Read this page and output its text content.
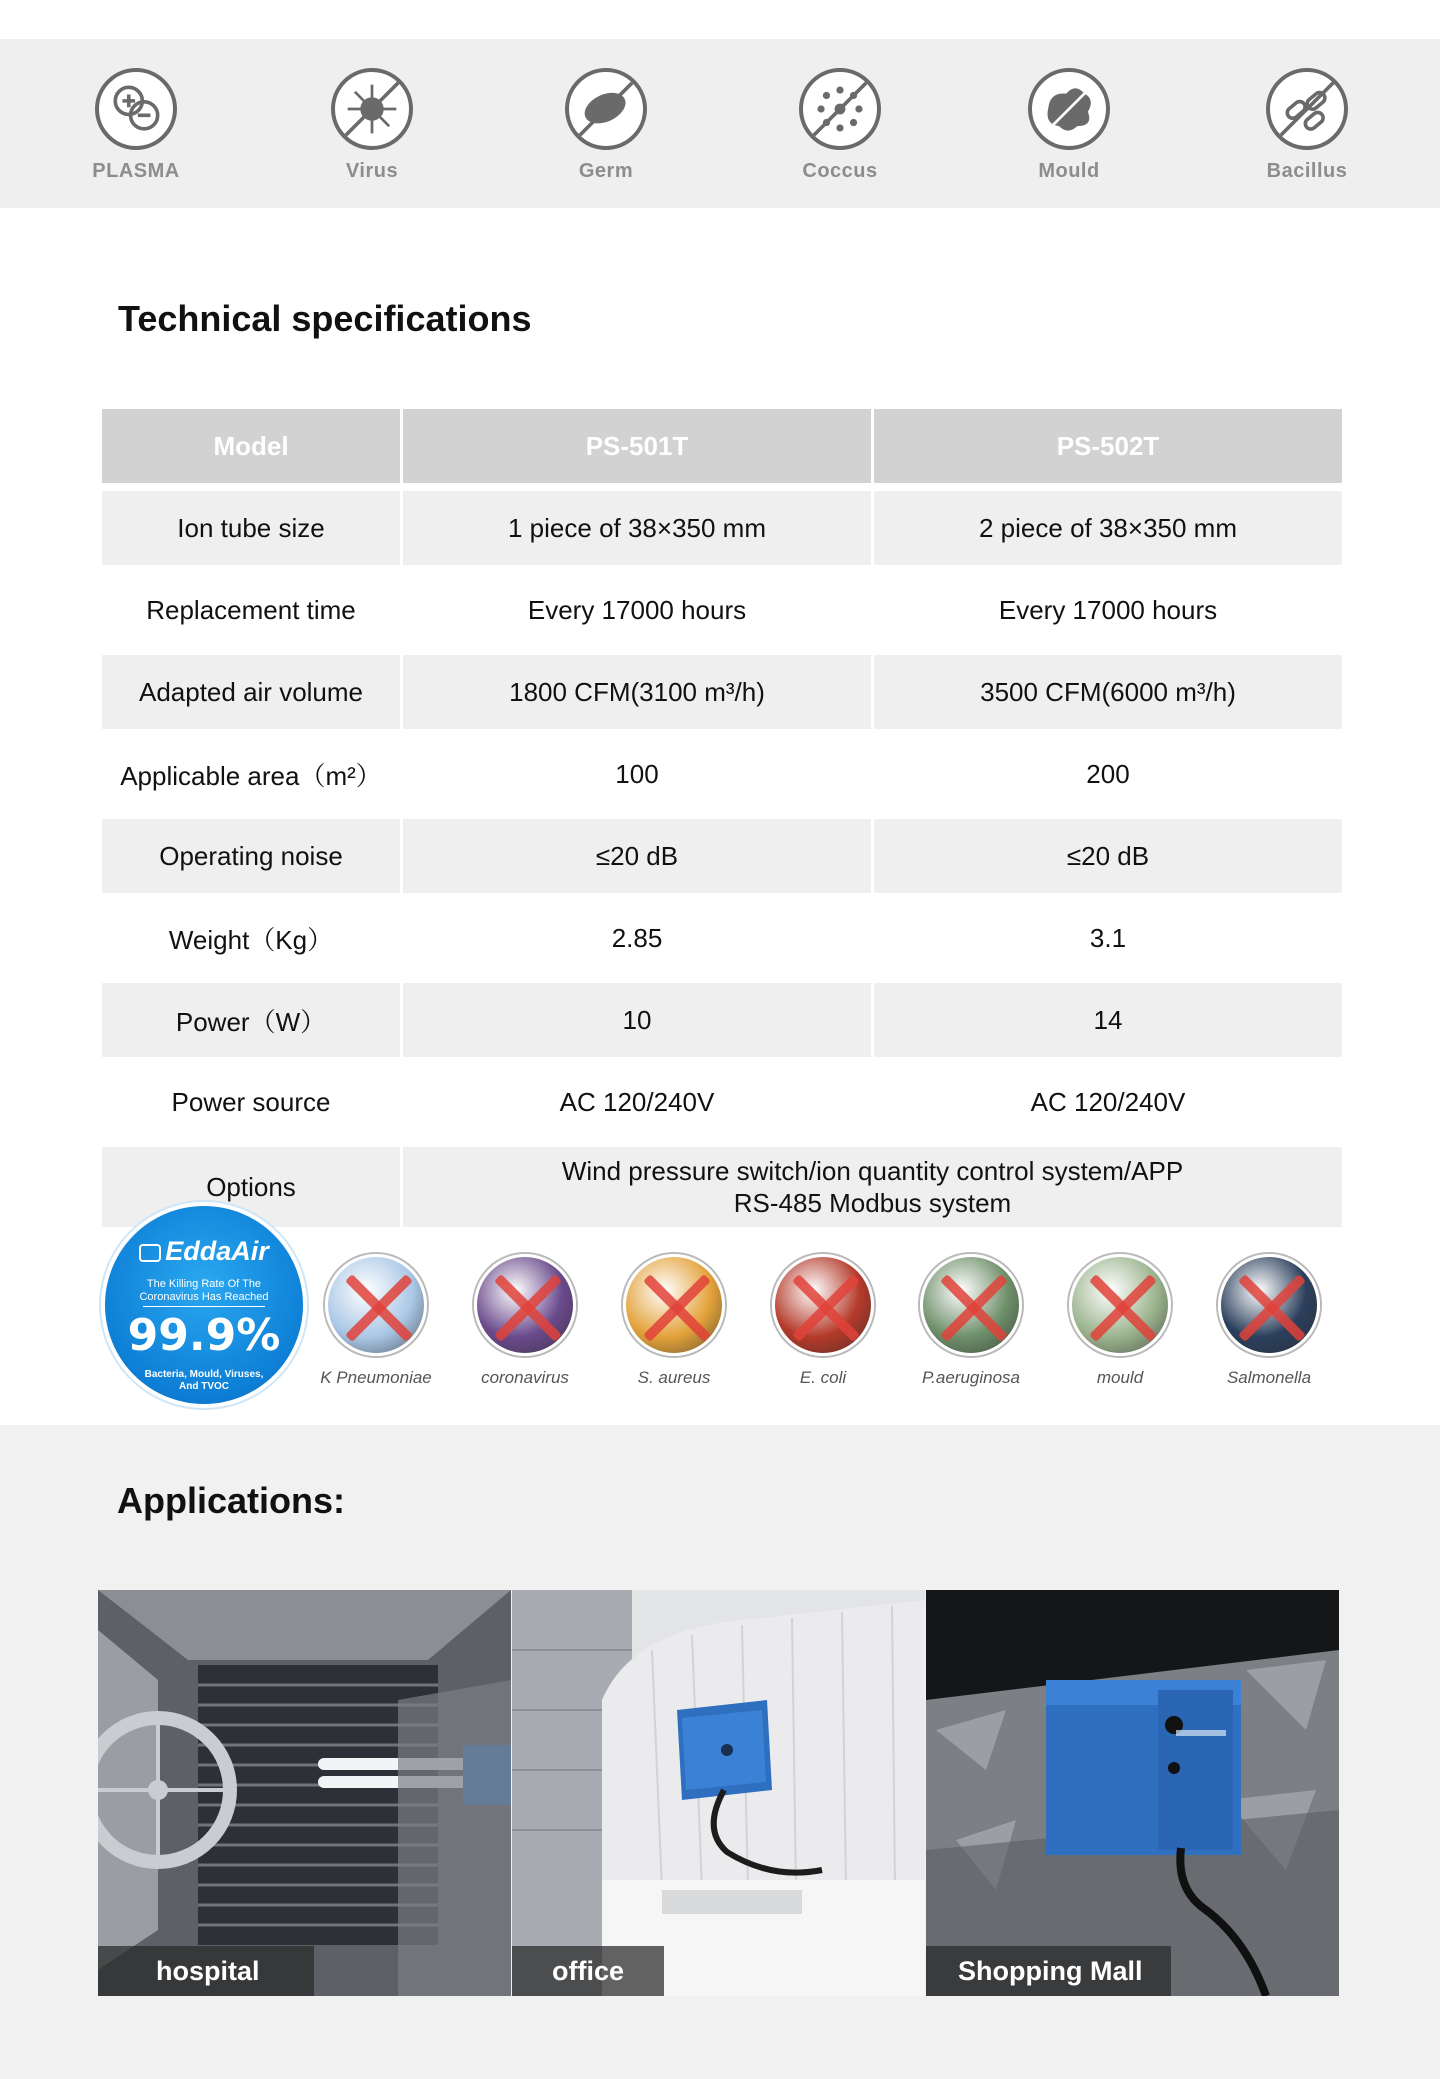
PLASMA	Virus	Germ	Coccus	Mould	Bacillus
Technical specifications
Model	PS-501T	PS-502T
Ion tube size	1 piece of 38×350 mm	2 piece of 38×350 mm
Replacement time	Every 17000 hours	Every 17000 hours
Adapted air volume	1800 CFM(3100 m³/h)	3500 CFM(6000 m³/h)
Applicable area（m²）	100	200
Operating noise	≤20 dB	≤20 dB
Weight（Kg）	2.85	3.1
Power（W）	10	14
Power source	AC 120/240V	AC 120/240V
Options	Wind pressure switch/ion quantity control system/APP
RS-485 Modbus system	
EddaAir
The Killing Rate Of The Coronavirus Has Reached
99.9%
Bacteria, Mould, Viruses, And TVOC	K Pneumoniae	coronavirus	S. aureus	E. coli	P.aeruginosa	mould	Salmonella
Applications:
hospital	office	Shopping Mall
